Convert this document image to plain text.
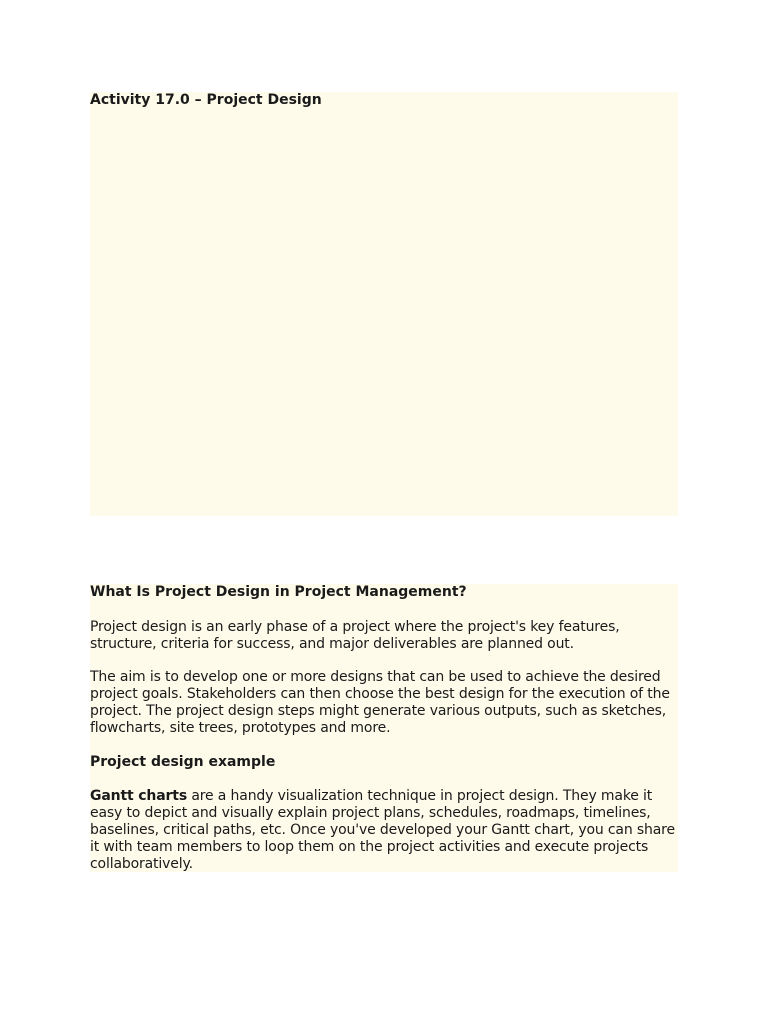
Activity 17.0 – Project Design
What Is Project Design in Project Management?

Project design is an early phase of a project where the project's key features, structure, criteria for success, and major deliverables are planned out.

The aim is to develop one or more designs that can be used to achieve the desired project goals. Stakeholders can then choose the best design for the execution of the project. The project design steps might generate various outputs, such as sketches, flowcharts, site trees, prototypes and more.

Project design example

Gantt charts are a handy visualization technique in project design. They make it easy to depict and visually explain project plans, schedules, roadmaps, timelines, baselines, critical paths, etc. Once you've developed your Gantt chart, you can share it with team members to loop them on the project activities and execute projects collaboratively.
